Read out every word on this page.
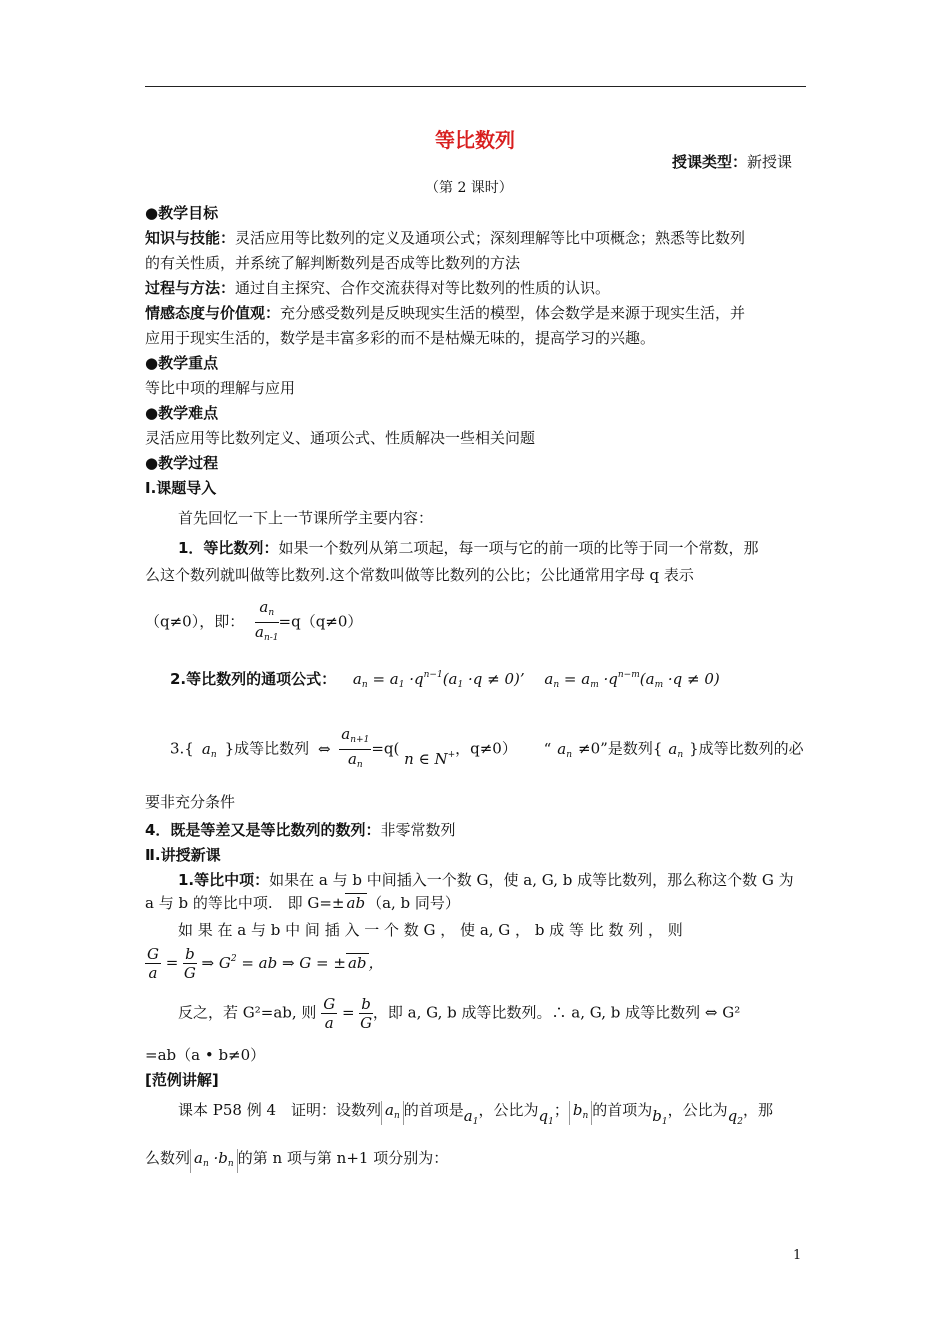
等比数列
授课类型：新授课
（第 2 课时）
●教学目标
知识与技能：灵活应用等比数列的定义及通项公式；深刻理解等比中项概念；熟悉等比数列
的有关性质，并系统了解判断数列是否成等比数列的方法
过程与方法：通过自主探究、合作交流获得对等比数列的性质的认识。
情感态度与价值观：充分感受数列是反映现实生活的模型，体会数学是来源于现实生活，并
应用于现实生活的，数学是丰富多彩的而不是枯燥无味的，提高学习的兴趣。
●教学重点
等比中项的理解与应用
●教学难点
灵活应用等比数列定义、通项公式、性质解决一些相关问题
●教学过程
Ⅰ.课题导入
首先回忆一下上一节课所学主要内容：
1．等比数列：如果一个数列从第二项起，每一项与它的前一项的比等于同一个常数，那
么这个数列就叫做等比数列.这个常数叫做等比数列的公比；公比通常用字母 q 表示
（q≠0），即： $\frac{a_n}{a_{n-1}} =q(q\ne 0)$
2.等比数列的通项公式： $a_n = a_1 \cdot q^{n-1}(a_1 \cdot q \ne 0)$’　 $a_n = a_m \cdot q^{n-m}(a_m \cdot q \ne 0)$
3.{ $a_n$ }成等比数列 ⇔ $\frac{a_{n+1}}{a_n} =q$( n ∈ N+，q≠0） “ $a_n \ne 0$”是数列{ $a_n$ }成等比数列的必
要非充分条件
4．既是等差又是等比数列的数列：非零常数列
Ⅱ.讲授新课
1.等比中项：如果在 a 与 b 中间插入一个数 G，使 a, G, b 成等比数列，那么称这个数 G 为
a 与 b 的等比中项.　即 G=± ab （a, b 同号）
如 果 在 a 与 b 中 间 插 入 一 个 数 G ， 使 a, G ， b 成 等 比 数 列 ， 则
$\frac{G}{a} = \frac{b}{G}$ ⇒ $G^2$ = ab ⇒ G = ± ab ，
反之，若 G²=ab, 则 $\frac{G}{a} = \frac{b}{G}$ ，即 a, G, b 成等比数列。∴ a, G, b 成等比数列 ⇔ G²
=ab（a • b≠0）
[范例讲解]
课本 P58 例 4　证明：设数列 $a_n$ 的首项是$a_1$，公比为$q_1$； $b_n$ 的首项为$b_1$，公比为$q_2$，那
么数列 $a_n \cdot b_n$ 的第 n 项与第 n+1 项分别为：
1
